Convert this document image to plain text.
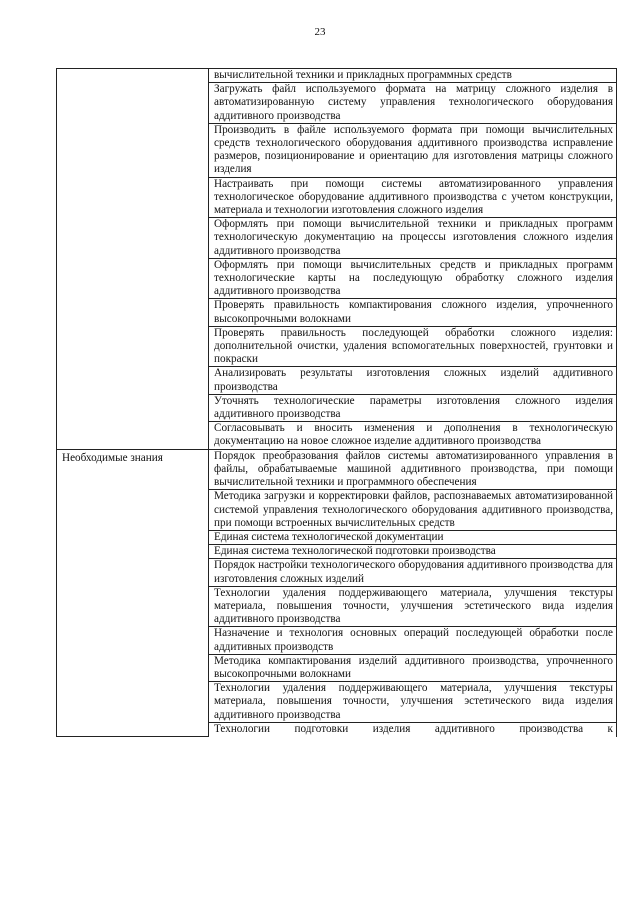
23
	вычислительной техники и прикладных программных средств
	Загружать файл используемого формата на матрицу сложного изделия в автоматизированную систему управления технологического оборудования аддитивного производства
	Производить в файле используемого формата при помощи вычислительных средств технологического оборудования аддитивного производства исправление размеров, позиционирование и ориентацию для изготовления матрицы сложного изделия
	Настраивать при помощи системы автоматизированного управления технологическое оборудование аддитивного производства с учетом конструкции, материала и технологии изготовления сложного изделия
	Оформлять при помощи вычислительной техники и прикладных программ технологическую документацию на процессы изготовления сложного изделия аддитивного производства
	Оформлять при помощи вычислительных средств и прикладных программ технологические карты на последующую обработку сложного изделия аддитивного производства
	Проверять правильность компактирования сложного изделия, упрочненного высокопрочными волокнами
	Проверять правильность последующей обработки сложного изделия: дополнительной очистки, удаления вспомогательных поверхностей, грунтовки и покраски
	Анализировать результаты изготовления сложных изделий аддитивного производства
	Уточнять технологические параметры изготовления сложного изделия аддитивного производства
	Согласовывать и вносить изменения и дополнения в технологическую документацию на новое сложное изделие аддитивного производства
Необходимые знания	Порядок преобразования файлов системы автоматизированного управления в файлы, обрабатываемые машиной аддитивного производства, при помощи вычислительной техники и программного обеспечения
	Методика загрузки и корректировки файлов, распознаваемых автоматизированной системой управления технологического оборудования аддитивного производства, при помощи встроенных вычислительных средств
	Единая система технологической документации
	Единая система технологической подготовки производства
	Порядок настройки технологического оборудования аддитивного производства для изготовления сложных изделий
	Технологии удаления поддерживающего материала, улучшения текстуры материала, повышения точности, улучшения эстетического вида изделия аддитивного производства
	Назначение и технология основных операций последующей обработки после аддитивных производств
	Методика компактирования изделий аддитивного производства, упрочненного высокопрочными волокнами
	Технологии удаления поддерживающего материала, улучшения текстуры материала, повышения точности, улучшения эстетического вида изделия аддитивного производства

	Технологии подготовки изделия аддитивного производства к
